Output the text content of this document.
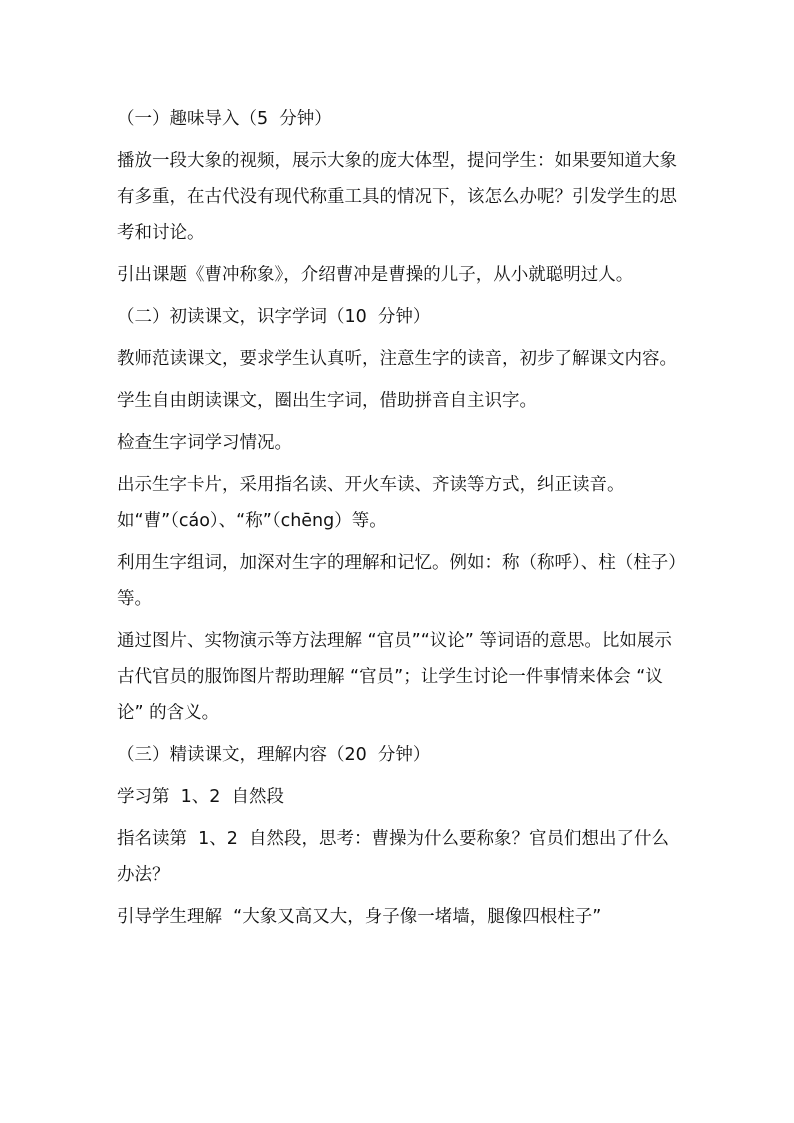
（一）趣味导入（5  分钟）

播放一段大象的视频，展示大象的庞大体型，提问学生：如果要知道大象有多重，在古代没有现代称重工具的情况下，该怎么办呢？引发学生的思考和讨论。

引出课题《曹冲称象》，介绍曹冲是曹操的儿子，从小就聪明过人。

（二）初读课文，识字学词（10  分钟）

教师范读课文，要求学生认真听，注意生字的读音，初步了解课文内容。

学生自由朗读课文，圈出生字词，借助拼音自主识字。

检查生字词学习情况。

出示生字卡片，采用指名读、开火车读、齐读等方式，纠正读音。如“曹”（cáo）、“称”（chēng）等。

利用生字组词，加深对生字的理解和记忆。例如：称（称呼）、柱（柱子）等。

通过图片、实物演示等方法理解 “官员”“议论” 等词语的意思。比如展示古代官员的服饰图片帮助理解 “官员”；让学生讨论一件事情来体会 “议论” 的含义。

（三）精读课文，理解内容（20  分钟）

学习第  1、2  自然段

指名读第  1、2  自然段，思考：曹操为什么要称象？官员们想出了什么办法？

引导学生理解  “大象又高又大，身子像一堵墙，腿像四根柱子”
